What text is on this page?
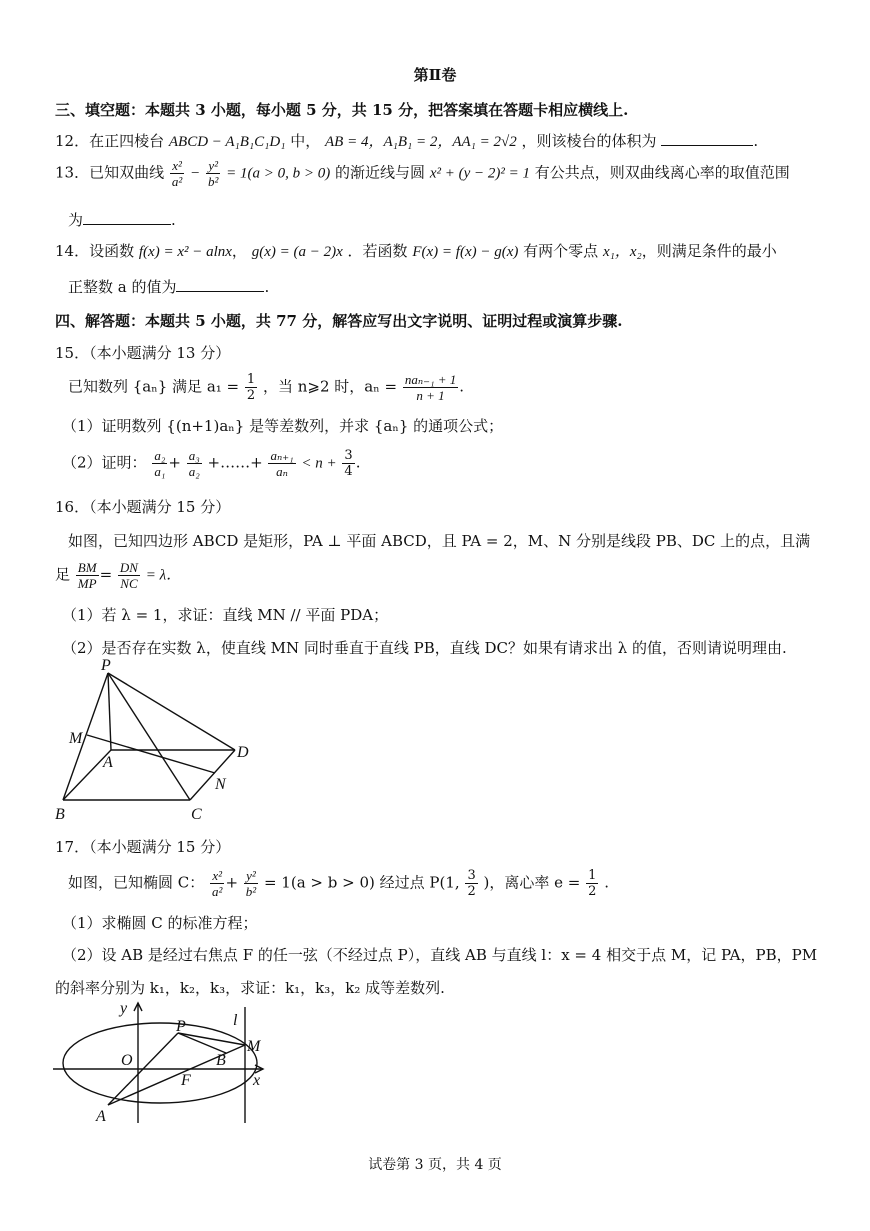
第Ⅱ卷
三、填空题：本题共 3 小题，每小题 5 分，共 15 分，把答案填在答题卡相应横线上.
12．在正四棱台 ABCD − A₁B₁C₁D₁ 中， AB = 4，A₁B₁ = 2，AA₁ = 2√2 ，则该棱台的体积为	.
13．已知双曲线 $\frac{\text{x²}}{\text{a²}} - \frac{\text{y²}}{\text{b²}} = 1(a > 0$, b > 0) 的渐近线与圆 x² + (y − 2)² = 1 有公共点，则双曲线离心率的取值范围
为	.
14．设函数 f(x) = x² − alnx， g(x) = (a − 2)x ．若函数 F(x) = f(x) − g(x) 有两个零点 x₁，x₂，则满足条件的最小
正整数 a 的值为	.
四、解答题：本题共 5 小题，共 77 分，解答应写出文字说明、证明过程或演算步骤.
15．（本小题满分 13 分）
已知数列 {aₙ} 满足 $a_1 = \frac{1}{2}$ ，当 n⩾2 时，$a_n = \frac{\text{naₙ₋₁ + 1}}{n + 1}$ .
（1）证明数列 {(n+1)aₙ} 是等差数列，并求 {aₙ} 的通项公式；
（2）证明： $\frac{\text{a₂}}{\text{a₁}} + \frac{\text{a₃}}{\text{a₂}}$ +……+ $\frac{\text{aₙ₊₁}}{\text{aₙ}} < n + \frac{3}{4}$ .
16．（本小题满分 15 分）
如图，已知四边形 ABCD 是矩形，PA ⊥ 平面 ABCD，且 PA = 2，M、N 分别是线段 PB、DC 上的点，且满
足 $\frac{BM}{MP} = \frac{DN}{NC} = \lambda$．
（1）若 λ = 1，求证：直线 MN // 平面 PDA；
（2）是否存在实数 λ，使直线 MN 同时垂直于直线 PB，直线 DC？如果有请求出 λ 的值，否则请说明理由.
P
M
A
D
N
B	C
17．（本小题满分 15 分）
如图，已知椭圆 C： $\frac{\text{x²}}{\text{a²}} + \frac{\text{y²}}{\text{b²}} = 1(a > b > 0)$ 经过点 P(1, $\frac{3}{2}$ )，离心率 $e = \frac{1}{2}$ .
（1）求椭圆 C 的标准方程；
（2）设 AB 是经过右焦点 F 的任一弦（不经过点 P），直线 AB 与直线 l：x = 4 相交于点 M，记 PA，PB，PM
的斜率分别为 k₁，k₂，k₃，求证：k₁，k₃，k₂ 成等差数列.
y
l
P
M
O	B
F	x
A
试卷第 3 页，共 4 页
